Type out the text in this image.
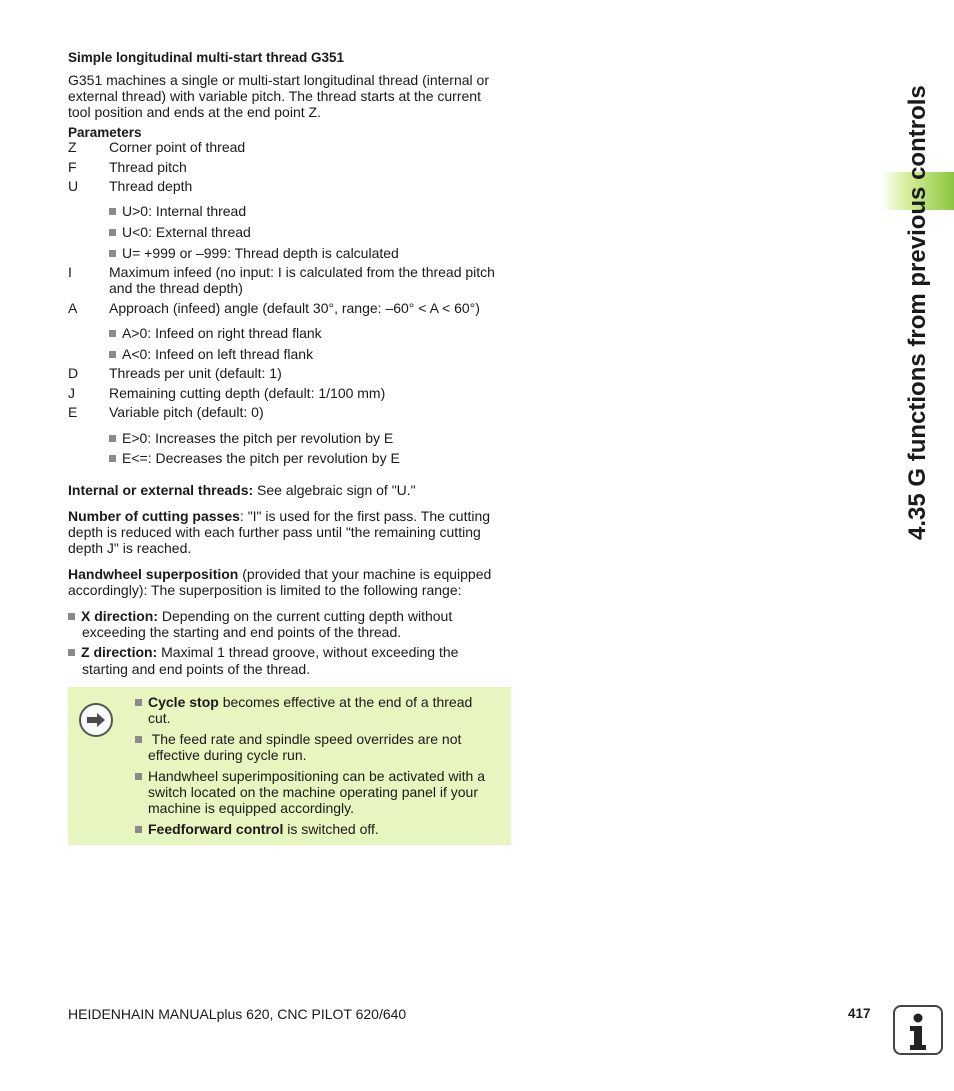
Simple longitudinal multi-start thread G351
G351 machines a single or multi-start longitudinal thread (internal or
external thread) with variable pitch. The thread starts at the current
tool position and ends at the end point Z.
Parameters
Z Corner point of thread
F Thread pitch
U Thread depth
U>0: Internal thread
U<0: External thread
U= +999 or –999: Thread depth is calculated
I	Maximum infeed (no input: I is calculated from the thread pitch
and the thread depth)
A Approach (infeed) angle (default 30°, range: –60° < A < 60°)
A>0: Infeed on right thread flank
A<0: Infeed on left thread flank
D Threads per unit (default: 1)
J Remaining cutting depth (default: 1/100 mm)
E Variable pitch (default: 0)
E>0: Increases the pitch per revolution by E
E<=: Decreases the pitch per revolution by E
Internal or external threads: See algebraic sign of "U."
Number of cutting passes: "I" is used for the first pass. The cutting
depth is reduced with each further pass until "the remaining cutting
depth J" is reached.
Handwheel superposition (provided that your machine is equipped
accordingly): The superposition is limited to the following range:
X direction: Depending on the current cutting depth without
exceeding the starting and end points of the thread.
Z direction: Maximal 1 thread groove, without exceeding the
starting and end points of the thread.
Cycle stop becomes effective at the end of a thread
cut.
The feed rate and spindle speed overrides are not
effective during cycle run.
Handwheel superimpositioning can be activated with a
switch located on the machine operating panel if your
machine is equipped accordingly.
Feedforward control is switched off.
4.35 G functions from previous controls
HEIDENHAIN MANUALplus 620, CNC PILOT 620/640	417
